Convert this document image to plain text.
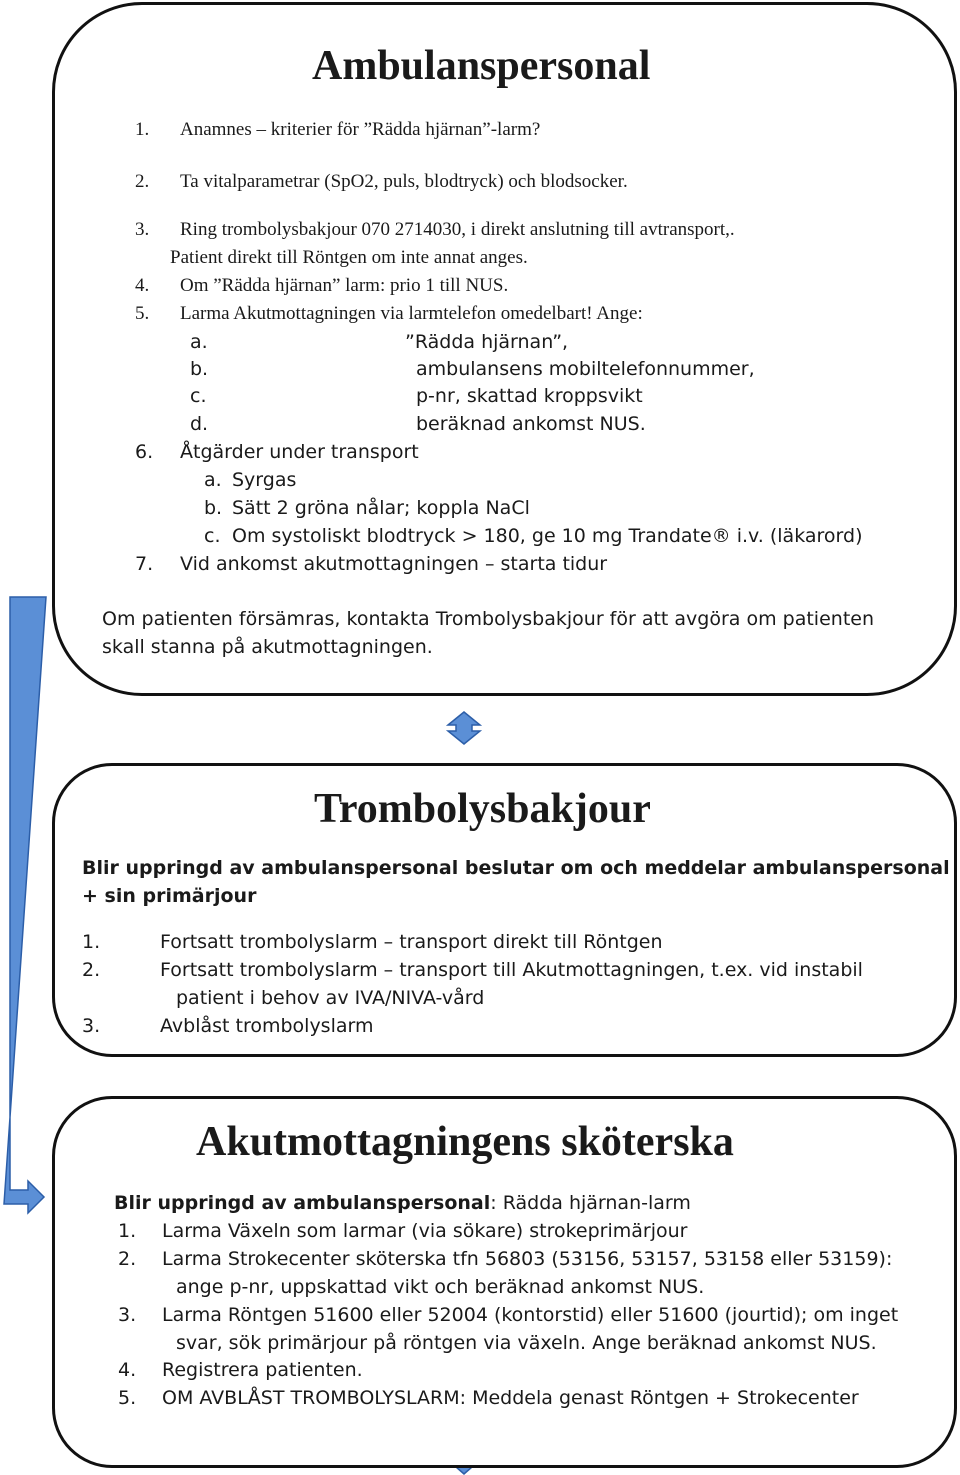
Ambulanspersonal
1. Anamnes – kriterier för ”Rädda hjärnan”-larm?
2. Ta vitalparametrar (SpO2, puls, blodtryck) och blodsocker.
3. Ring trombolysbakjour 070 2714030, i direkt anslutning till avtransport,.
Patient direkt till Röntgen om inte annat anges.
4. Om ”Rädda hjärnan” larm: prio 1 till NUS.
5. Larma Akutmottagningen via larmtelefon omedelbart! Ange:
a.	”Rädda hjärnan”,
b.	ambulansens mobiltelefonnummer,
c.	p-nr, skattad kroppsvikt
d.	beräknad ankomst NUS.
6. Åtgärder under transport
a. Syrgas
b. Sätt 2 gröna nålar; koppla NaCl
c. Om systoliskt blodtryck > 180, ge 10 mg Trandate® i.v. (läkarord)
7. Vid ankomst akutmottagningen – starta tidur
Om patienten försämras, kontakta Trombolysbakjour för att avgöra om patienten
skall stanna på akutmottagningen.
Trombolysbakjour
Blir uppringd av ambulanspersonal beslutar om och meddelar ambulanspersonal
+ sin primärjour
1.	Fortsatt trombolyslarm – transport direkt till Röntgen
2.	Fortsatt trombolyslarm – transport till Akutmottagningen, t.ex. vid instabil
patient i behov av IVA/NIVA-vård
3.	Avblåst trombolyslarm
Akutmottagningens sköterska
Blir uppringd av ambulanspersonal: Rädda hjärnan-larm
1. Larma Växeln som larmar (via sökare) strokeprimärjour
2. Larma Strokecenter sköterska tfn 56803 (53156, 53157, 53158 eller 53159):
ange p-nr, uppskattad vikt och beräknad ankomst NUS.
3. Larma Röntgen 51600 eller 52004 (kontorstid) eller 51600 (jourtid); om inget
svar, sök primärjour på röntgen via växeln. Ange beräknad ankomst NUS.
4. Registrera patienten.
5. OM AVBLÅST TROMBOLYSLARM: Meddela genast Röntgen + Strokecenter
